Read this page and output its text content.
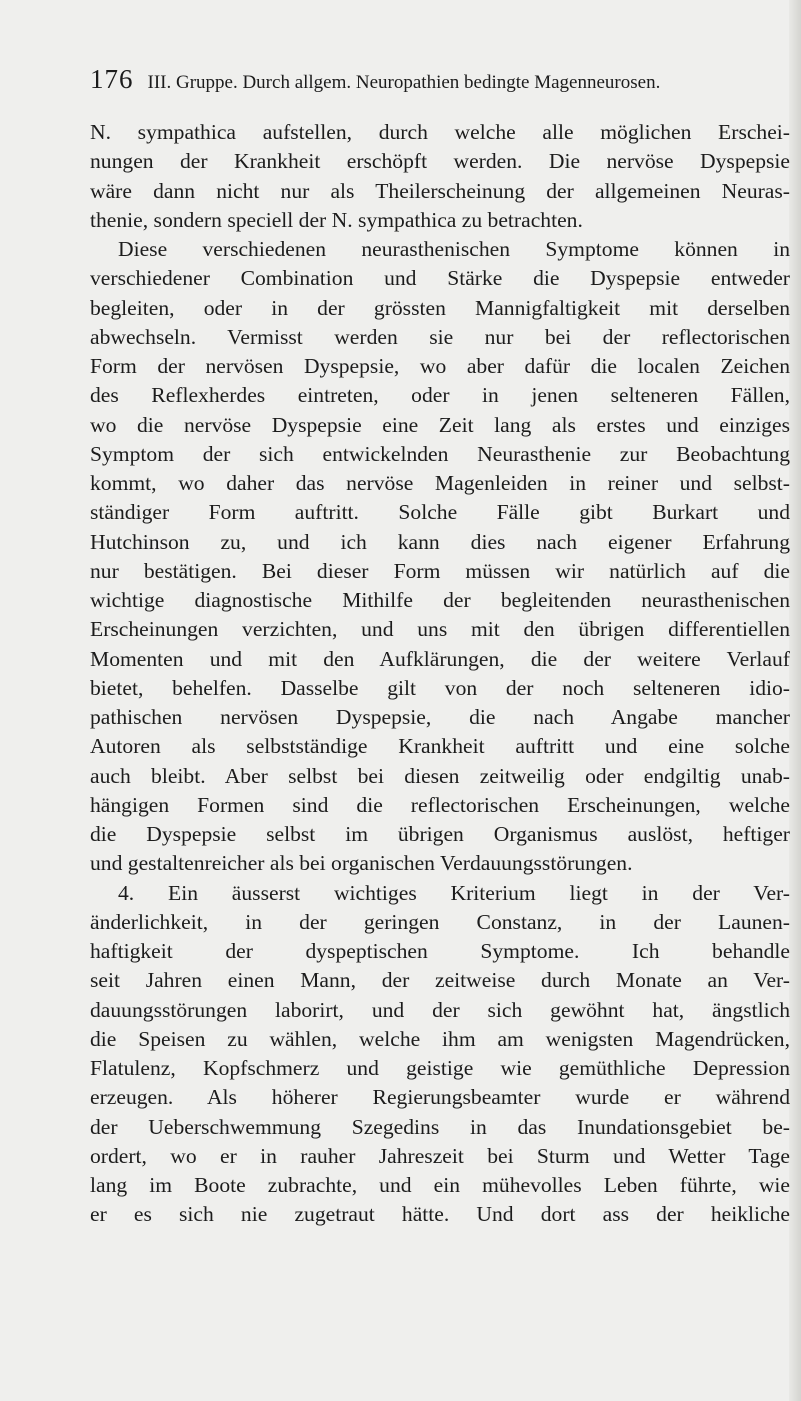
176 III. Gruppe. Durch allgem. Neuropathien bedingte Magenneurosen.
N. sympathica aufstellen, durch welche alle möglichen Erschei-
nungen der Krankheit erschöpft werden. Die nervöse Dyspepsie
wäre dann nicht nur als Theilerscheinung der allgemeinen Neuras-
thenie, sondern speciell der N. sympathica zu betrachten.
Diese verschiedenen neurasthenischen Symptome können in
verschiedener Combination und Stärke die Dyspepsie entweder
begleiten, oder in der grössten Mannigfaltigkeit mit derselben
abwechseln. Vermisst werden sie nur bei der reflectorischen
Form der nervösen Dyspepsie, wo aber dafür die localen Zeichen
des Reflexherdes eintreten, oder in jenen selteneren Fällen,
wo die nervöse Dyspepsie eine Zeit lang als erstes und einziges
Symptom der sich entwickelnden Neurasthenie zur Beobachtung
kommt, wo daher das nervöse Magenleiden in reiner und selbst-
ständiger Form auftritt. Solche Fälle gibt Burkart und
Hutchinson zu, und ich kann dies nach eigener Erfahrung
nur bestätigen. Bei dieser Form müssen wir natürlich auf die
wichtige diagnostische Mithilfe der begleitenden neurasthenischen
Erscheinungen verzichten, und uns mit den übrigen differentiellen
Momenten und mit den Aufklärungen, die der weitere Verlauf
bietet, behelfen. Dasselbe gilt von der noch selteneren idio-
pathischen nervösen Dyspepsie, die nach Angabe mancher
Autoren als selbstständige Krankheit auftritt und eine solche
auch bleibt. Aber selbst bei diesen zeitweilig oder endgiltig unab-
hängigen Formen sind die reflectorischen Erscheinungen, welche
die Dyspepsie selbst im übrigen Organismus auslöst, heftiger
und gestaltenreicher als bei organischen Verdauungsstörungen.
4. Ein äusserst wichtiges Kriterium liegt in der Ver-
änderlichkeit, in der geringen Constanz, in der Launen-
haftigkeit der dyspeptischen Symptome. Ich behandle
seit Jahren einen Mann, der zeitweise durch Monate an Ver-
dauungsstörungen laborirt, und der sich gewöhnt hat, ängstlich
die Speisen zu wählen, welche ihm am wenigsten Magendrücken,
Flatulenz, Kopfschmerz und geistige wie gemüthliche Depression
erzeugen. Als höherer Regierungsbeamter wurde er während
der Ueberschwemmung Szegedins in das Inundationsgebiet be-
ordert, wo er in rauher Jahreszeit bei Sturm und Wetter Tage
lang im Boote zubrachte, und ein mühevolles Leben führte, wie
er es sich nie zugetraut hätte. Und dort ass der heikliche
